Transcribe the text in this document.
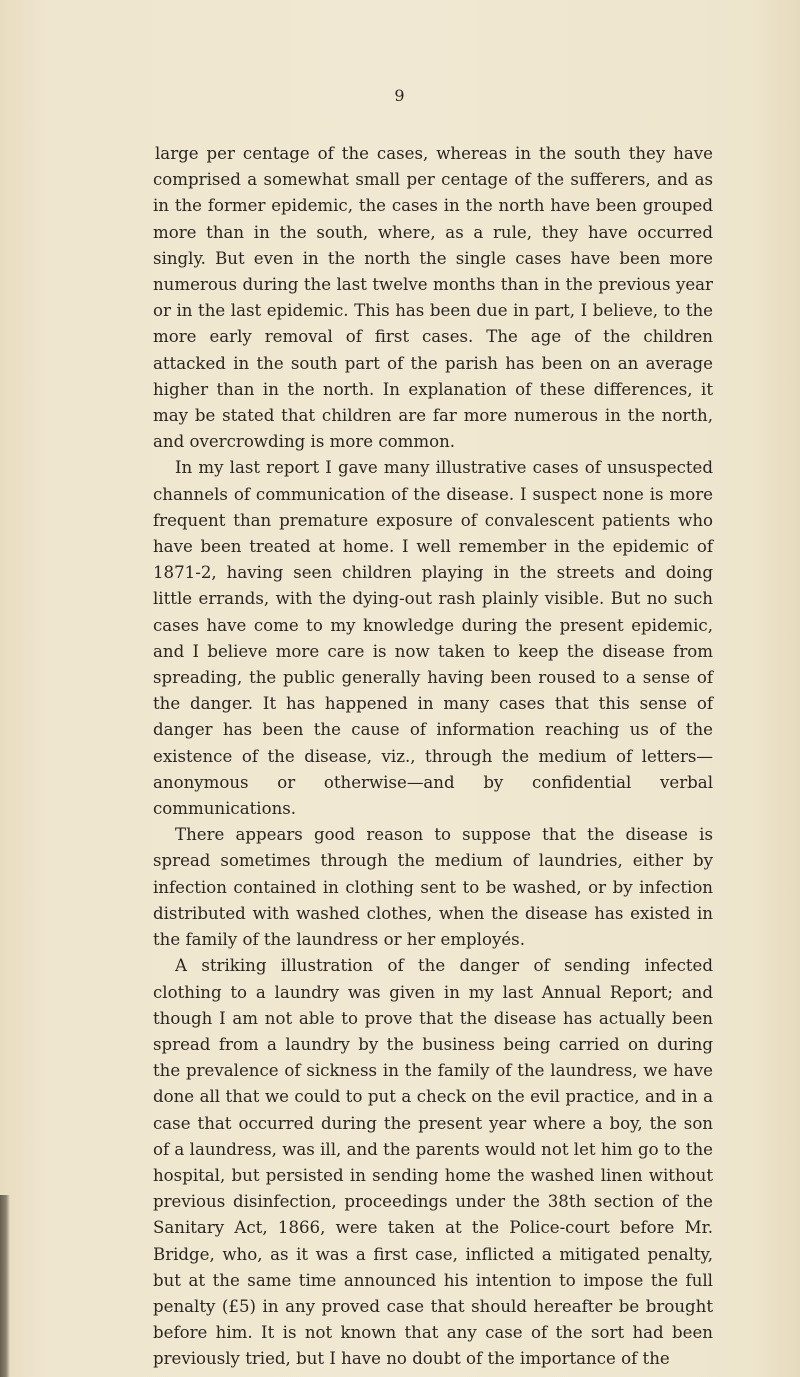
9

large per centage of the cases, whereas in the south they have comprised a somewhat small per centage of the sufferers, and as in the former epidemic, the cases in the north have been grouped more than in the south, where, as a rule, they have occurred singly. But even in the north the single cases have been more numerous during the last twelve months than in the previous year or in the last epidemic. This has been due in part, I believe, to the more early removal of first cases. The age of the children attacked in the south part of the parish has been on an average higher than in the north. In explanation of these differences, it may be stated that children are far more numerous in the north, and overcrowding is more common.

In my last report I gave many illustrative cases of unsuspected channels of communication of the disease. I suspect none is more frequent than premature exposure of convalescent patients who have been treated at home. I well remember in the epidemic of 1871-2, having seen children playing in the streets and doing little errands, with the dying-out rash plainly visible. But no such cases have come to my knowledge during the present epidemic, and I believe more care is now taken to keep the disease from spreading, the public generally having been roused to a sense of the danger. It has happened in many cases that this sense of danger has been the cause of information reaching us of the existence of the disease, viz., through the medium of letters— anonymous or otherwise—and by confidential verbal communications.

There appears good reason to suppose that the disease is spread sometimes through the medium of laundries, either by infection contained in clothing sent to be washed, or by infection distributed with washed clothes, when the disease has existed in the family of the laundress or her employés.

A striking illustration of the danger of sending infected clothing to a laundry was given in my last Annual Report; and though I am not able to prove that the disease has actually been spread from a laundry by the business being carried on during the prevalence of sickness in the family of the laundress, we have done all that we could to put a check on the evil practice, and in a case that occurred during the present year where a boy, the son of a laundress, was ill, and the parents would not let him go to the hospital, but persisted in sending home the washed linen without previous disinfection, proceedings under the 38th section of the Sanitary Act, 1866, were taken at the Police-court before Mr. Bridge, who, as it was a first case, inflicted a mitigated penalty, but at the same time announced his intention to impose the full penalty (£5) in any proved case that should hereafter be brought before him. It is not known that any case of the sort had been previously tried, but I have no doubt of the importance of the
